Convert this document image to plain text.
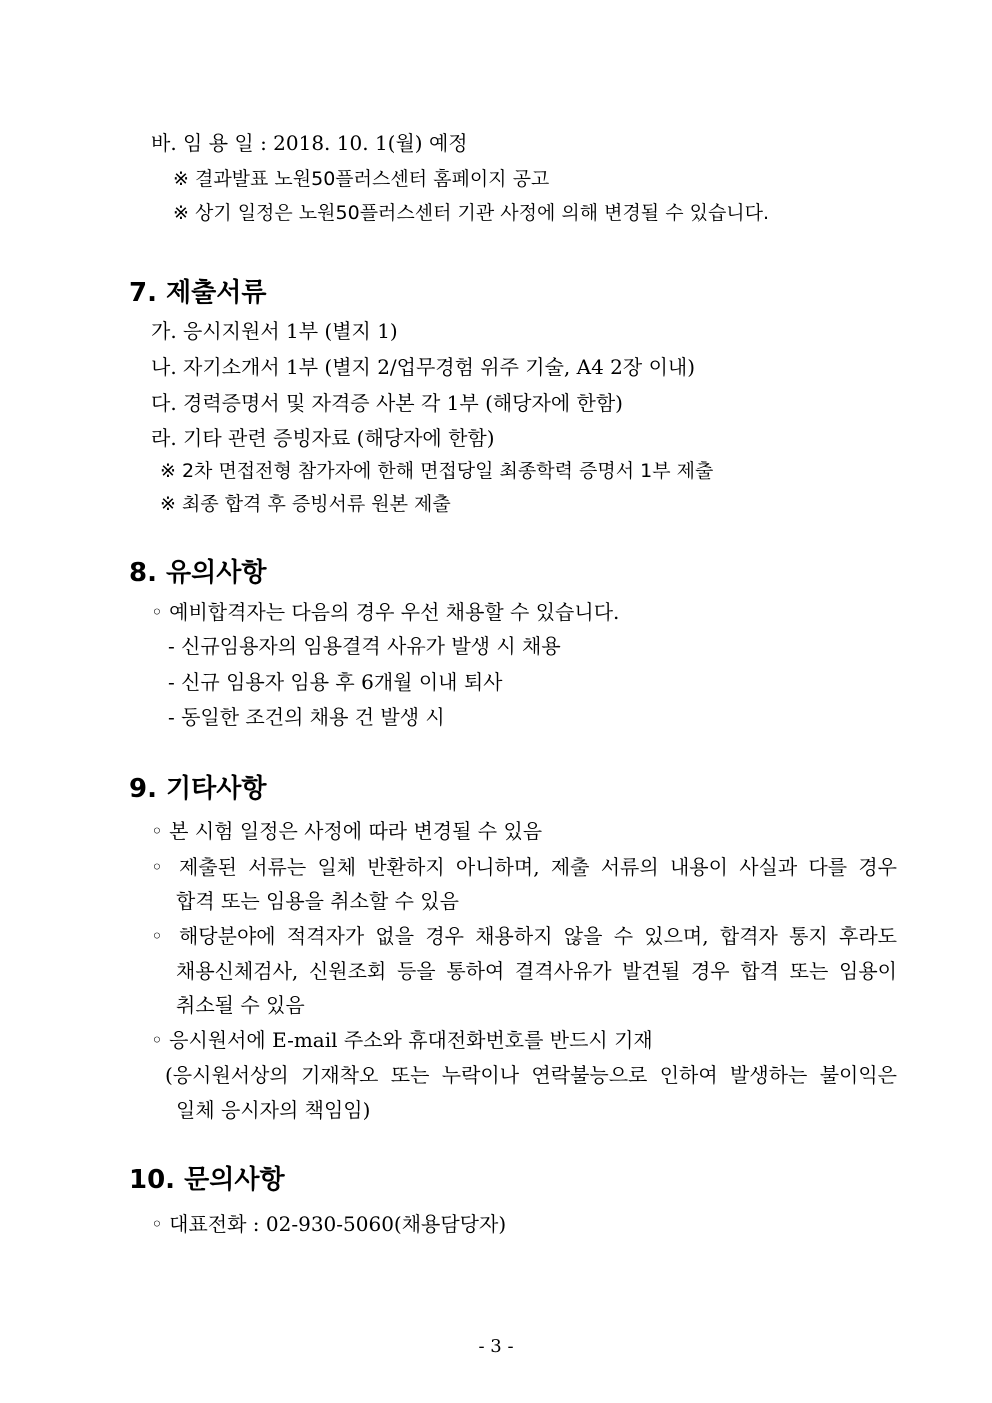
바. 임 용 일 : 2018. 10. 1(월) 예정
※ 결과발표 노원50플러스센터 홈페이지 공고
※ 상기 일정은 노원50플러스센터 기관 사정에 의해 변경될 수 있습니다.
7. 제출서류
가. 응시지원서 1부 (별지 1)
나. 자기소개서 1부 (별지 2/업무경험 위주 기술, A4 2장 이내)
다. 경력증명서 및 자격증 사본 각 1부 (해당자에 한함)
라. 기타 관련 증빙자료 (해당자에 한함)
※ 2차 면접전형 참가자에 한해 면접당일 최종학력 증명서 1부 제출
※ 최종 합격 후 증빙서류 원본 제출
8. 유의사항
◦ 예비합격자는 다음의 경우 우선 채용할 수 있습니다.
- 신규임용자의 임용결격 사유가 발생 시 채용
- 신규 임용자 임용 후 6개월 이내 퇴사
- 동일한 조건의 채용 건 발생 시
9. 기타사항
◦ 본 시험 일정은 사정에 따라 변경될 수 있음
◦ 제출된 서류는 일체 반환하지 아니하며, 제출 서류의 내용이 사실과 다를 경우
합격 또는 임용을 취소할 수 있음
◦ 해당분야에 적격자가 없을 경우 채용하지 않을 수 있으며, 합격자 통지 후라도
채용신체검사, 신원조회 등을 통하여 결격사유가 발견될 경우 합격 또는 임용이
취소될 수 있음
◦ 응시원서에 E-mail 주소와 휴대전화번호를 반드시 기재
(응시원서상의 기재착오 또는 누락이나 연락불능으로 인하여 발생하는 불이익은
일체 응시자의 책임임)
10. 문의사항
◦ 대표전화 : 02-930-5060(채용담당자)
- 3 -
